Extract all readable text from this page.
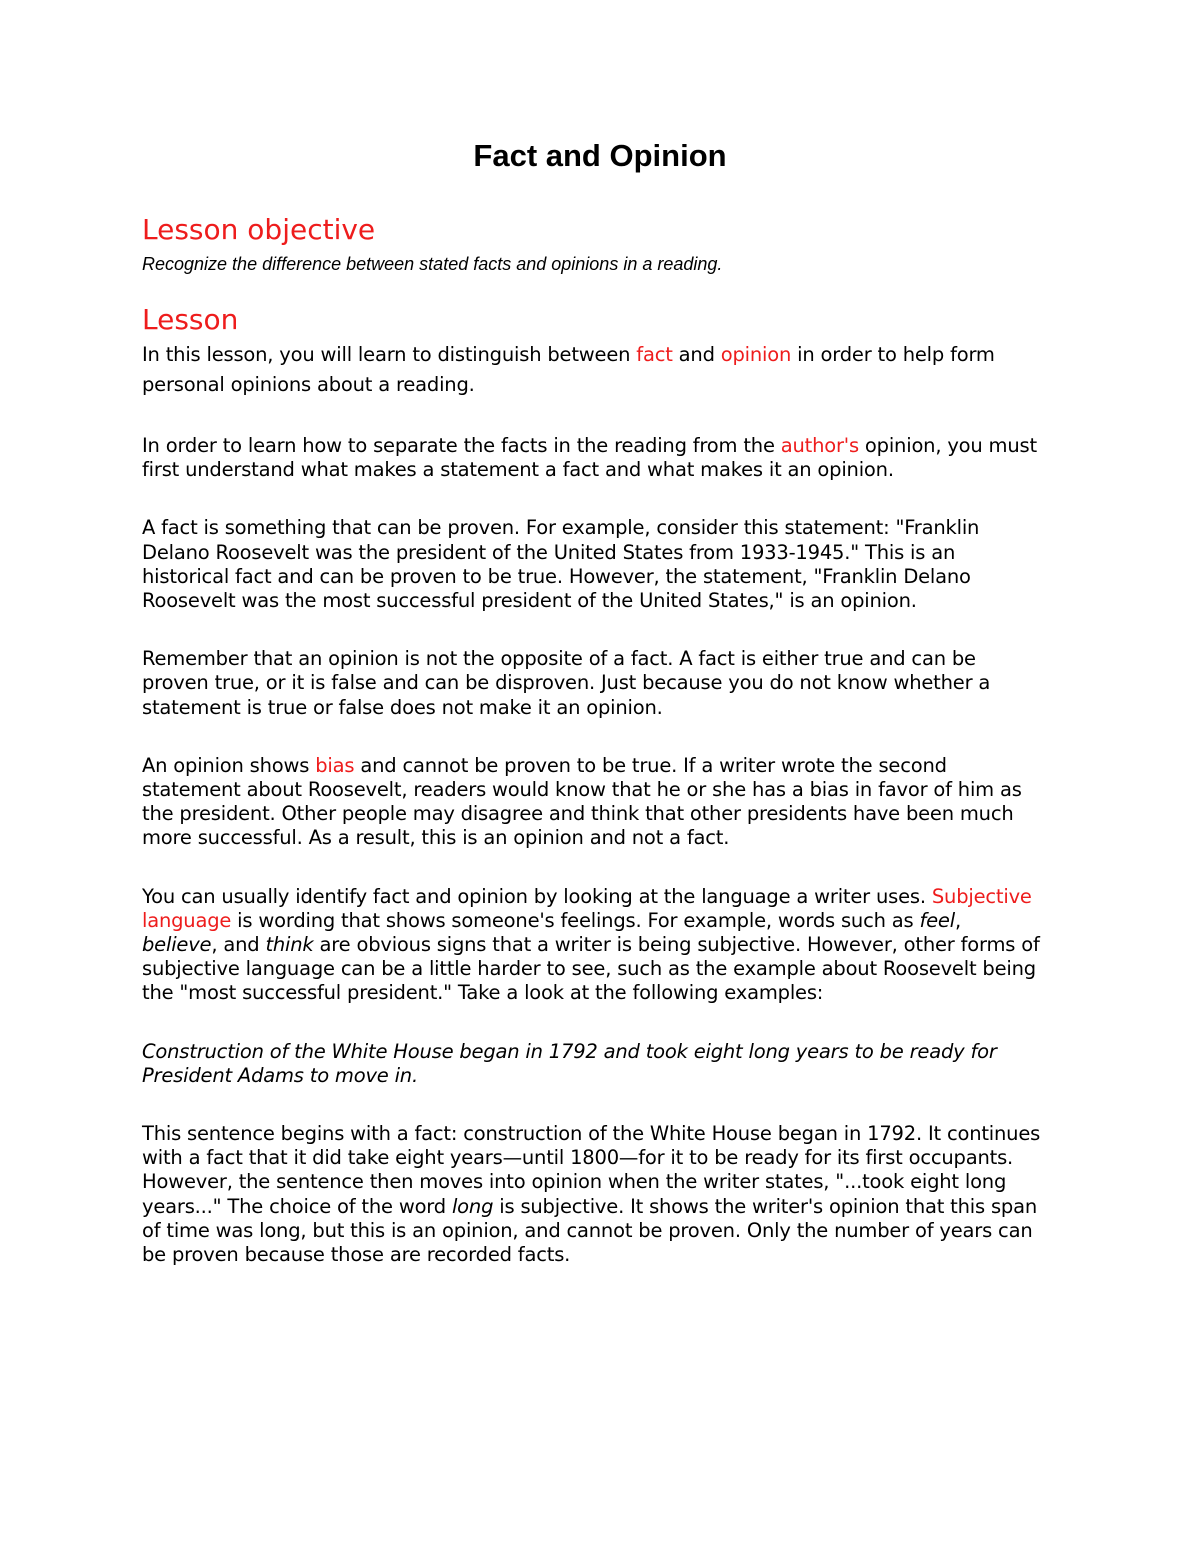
Fact and Opinion
Lesson objective

Recognize the difference between stated facts and opinions in a reading.

Lesson

In this lesson, you will learn to distinguish between fact and opinion in order to help form personal opinions about a reading.

In order to learn how to separate the facts in the reading from the author's opinion, you must first understand what makes a statement a fact and what makes it an opinion.

A fact is something that can be proven. For example, consider this statement: "Franklin Delano Roosevelt was the president of the United States from 1933-1945." This is an historical fact and can be proven to be true. However, the statement, "Franklin Delano Roosevelt was the most successful president of the United States," is an opinion.

Remember that an opinion is not the opposite of a fact. A fact is either true and can be proven true, or it is false and can be disproven. Just because you do not know whether a statement is true or false does not make it an opinion.

An opinion shows bias and cannot be proven to be true. If a writer wrote the second statement about Roosevelt, readers would know that he or she has a bias in favor of him as the president. Other people may disagree and think that other presidents have been much more successful. As a result, this is an opinion and not a fact.

You can usually identify fact and opinion by looking at the language a writer uses. Subjective language is wording that shows someone's feelings. For example, words such as feel, believe, and think are obvious signs that a writer is being subjective. However, other forms of subjective language can be a little harder to see, such as the example about Roosevelt being the "most successful president." Take a look at the following examples:

Construction of the White House began in 1792 and took eight long years to be ready for President Adams to move in.

This sentence begins with a fact: construction of the White House began in 1792. It continues with a fact that it did take eight years—until 1800—for it to be ready for its first occupants. However, the sentence then moves into opinion when the writer states, "...took eight long years..." The choice of the word long is subjective. It shows the writer's opinion that this span of time was long, but this is an opinion, and cannot be proven. Only the number of years can be proven because those are recorded facts.
